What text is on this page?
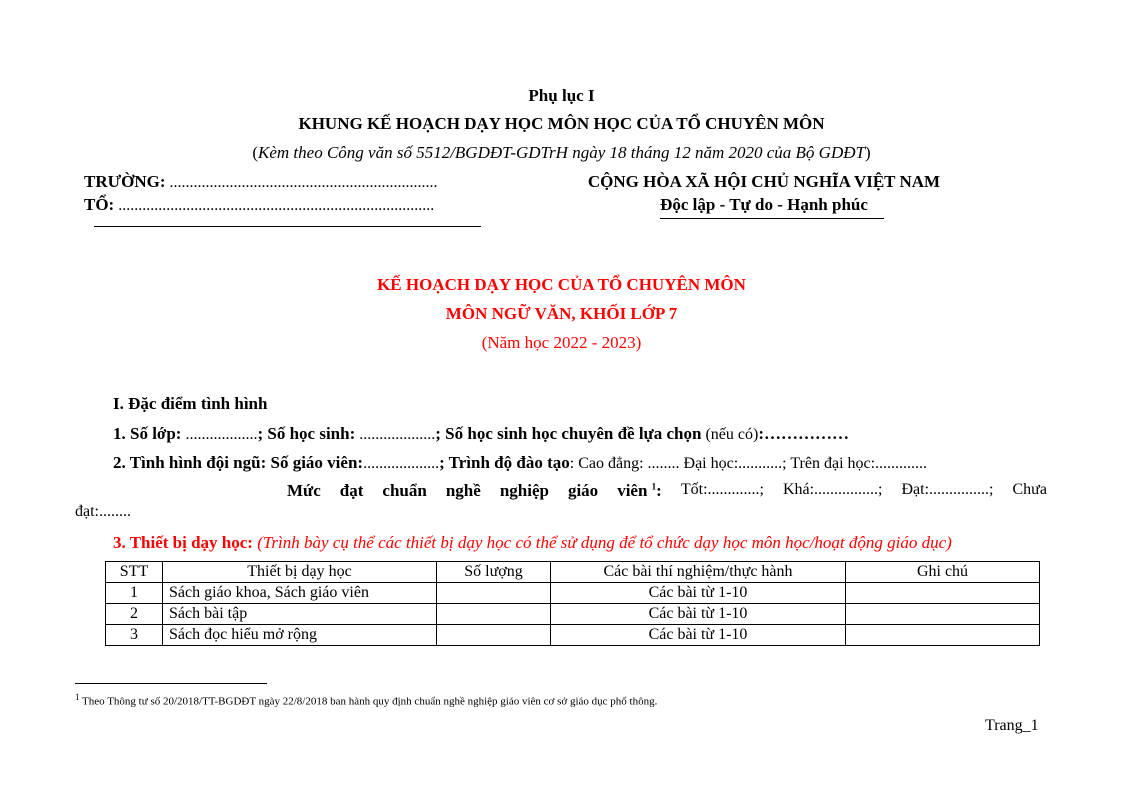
Phụ lục I
KHUNG KẾ HOẠCH DẠY HỌC MÔN HỌC CỦA TỔ CHUYÊN MÔN
(Kèm theo Công văn số 5512/BGDĐT-GDTrH ngày 18 tháng 12 năm 2020 của Bộ GDĐT)
TRƯỜNG: ...................................................................
TỔ: ...............................................................................
CỘNG HÒA XÃ HỘI CHỦ NGHĨA VIỆT NAM
Độc lập - Tự do - Hạnh phúc
KẾ HOẠCH DẠY HỌC CỦA TỔ CHUYÊN MÔN
MÔN NGỮ VĂN, KHỐI LỚP 7
(Năm học 2022 - 2023)
I. Đặc điểm tình hình
1. Số lớp: ..................; Số học sinh: ...................; Số học sinh học chuyên đề lựa chọn (nếu có):……………
2. Tình hình đội ngũ: Số giáo viên:...................; Trình độ đào tạo: Cao đẳng: ........ Đại học:...........; Trên đại học:.............
Mức đạt chuẩn nghề nghiệp giáo viên $^1$: Tốt:.............; Khá:................; Đạt:...............; Chưa
đạt:........
3. Thiết bị dạy học: (Trình bày cụ thể các thiết bị dạy học có thể sử dụng để tổ chức dạy học môn học/hoạt động giáo dục)
STT	Thiết bị dạy học	Số lượng	Các bài thí nghiệm/thực hành	Ghi chú
1	Sách giáo khoa, Sách giáo viên		Các bài từ 1-10	
2	Sách bài tập		Các bài từ 1-10	
3	Sách đọc hiểu mở rộng		Các bài từ 1-10	
$^1$ Theo Thông tư số 20/2018/TT-BGDĐT ngày 22/8/2018 ban hành quy định chuẩn nghề nghiệp giáo viên cơ sở giáo dục phổ thông.
Trang_1
